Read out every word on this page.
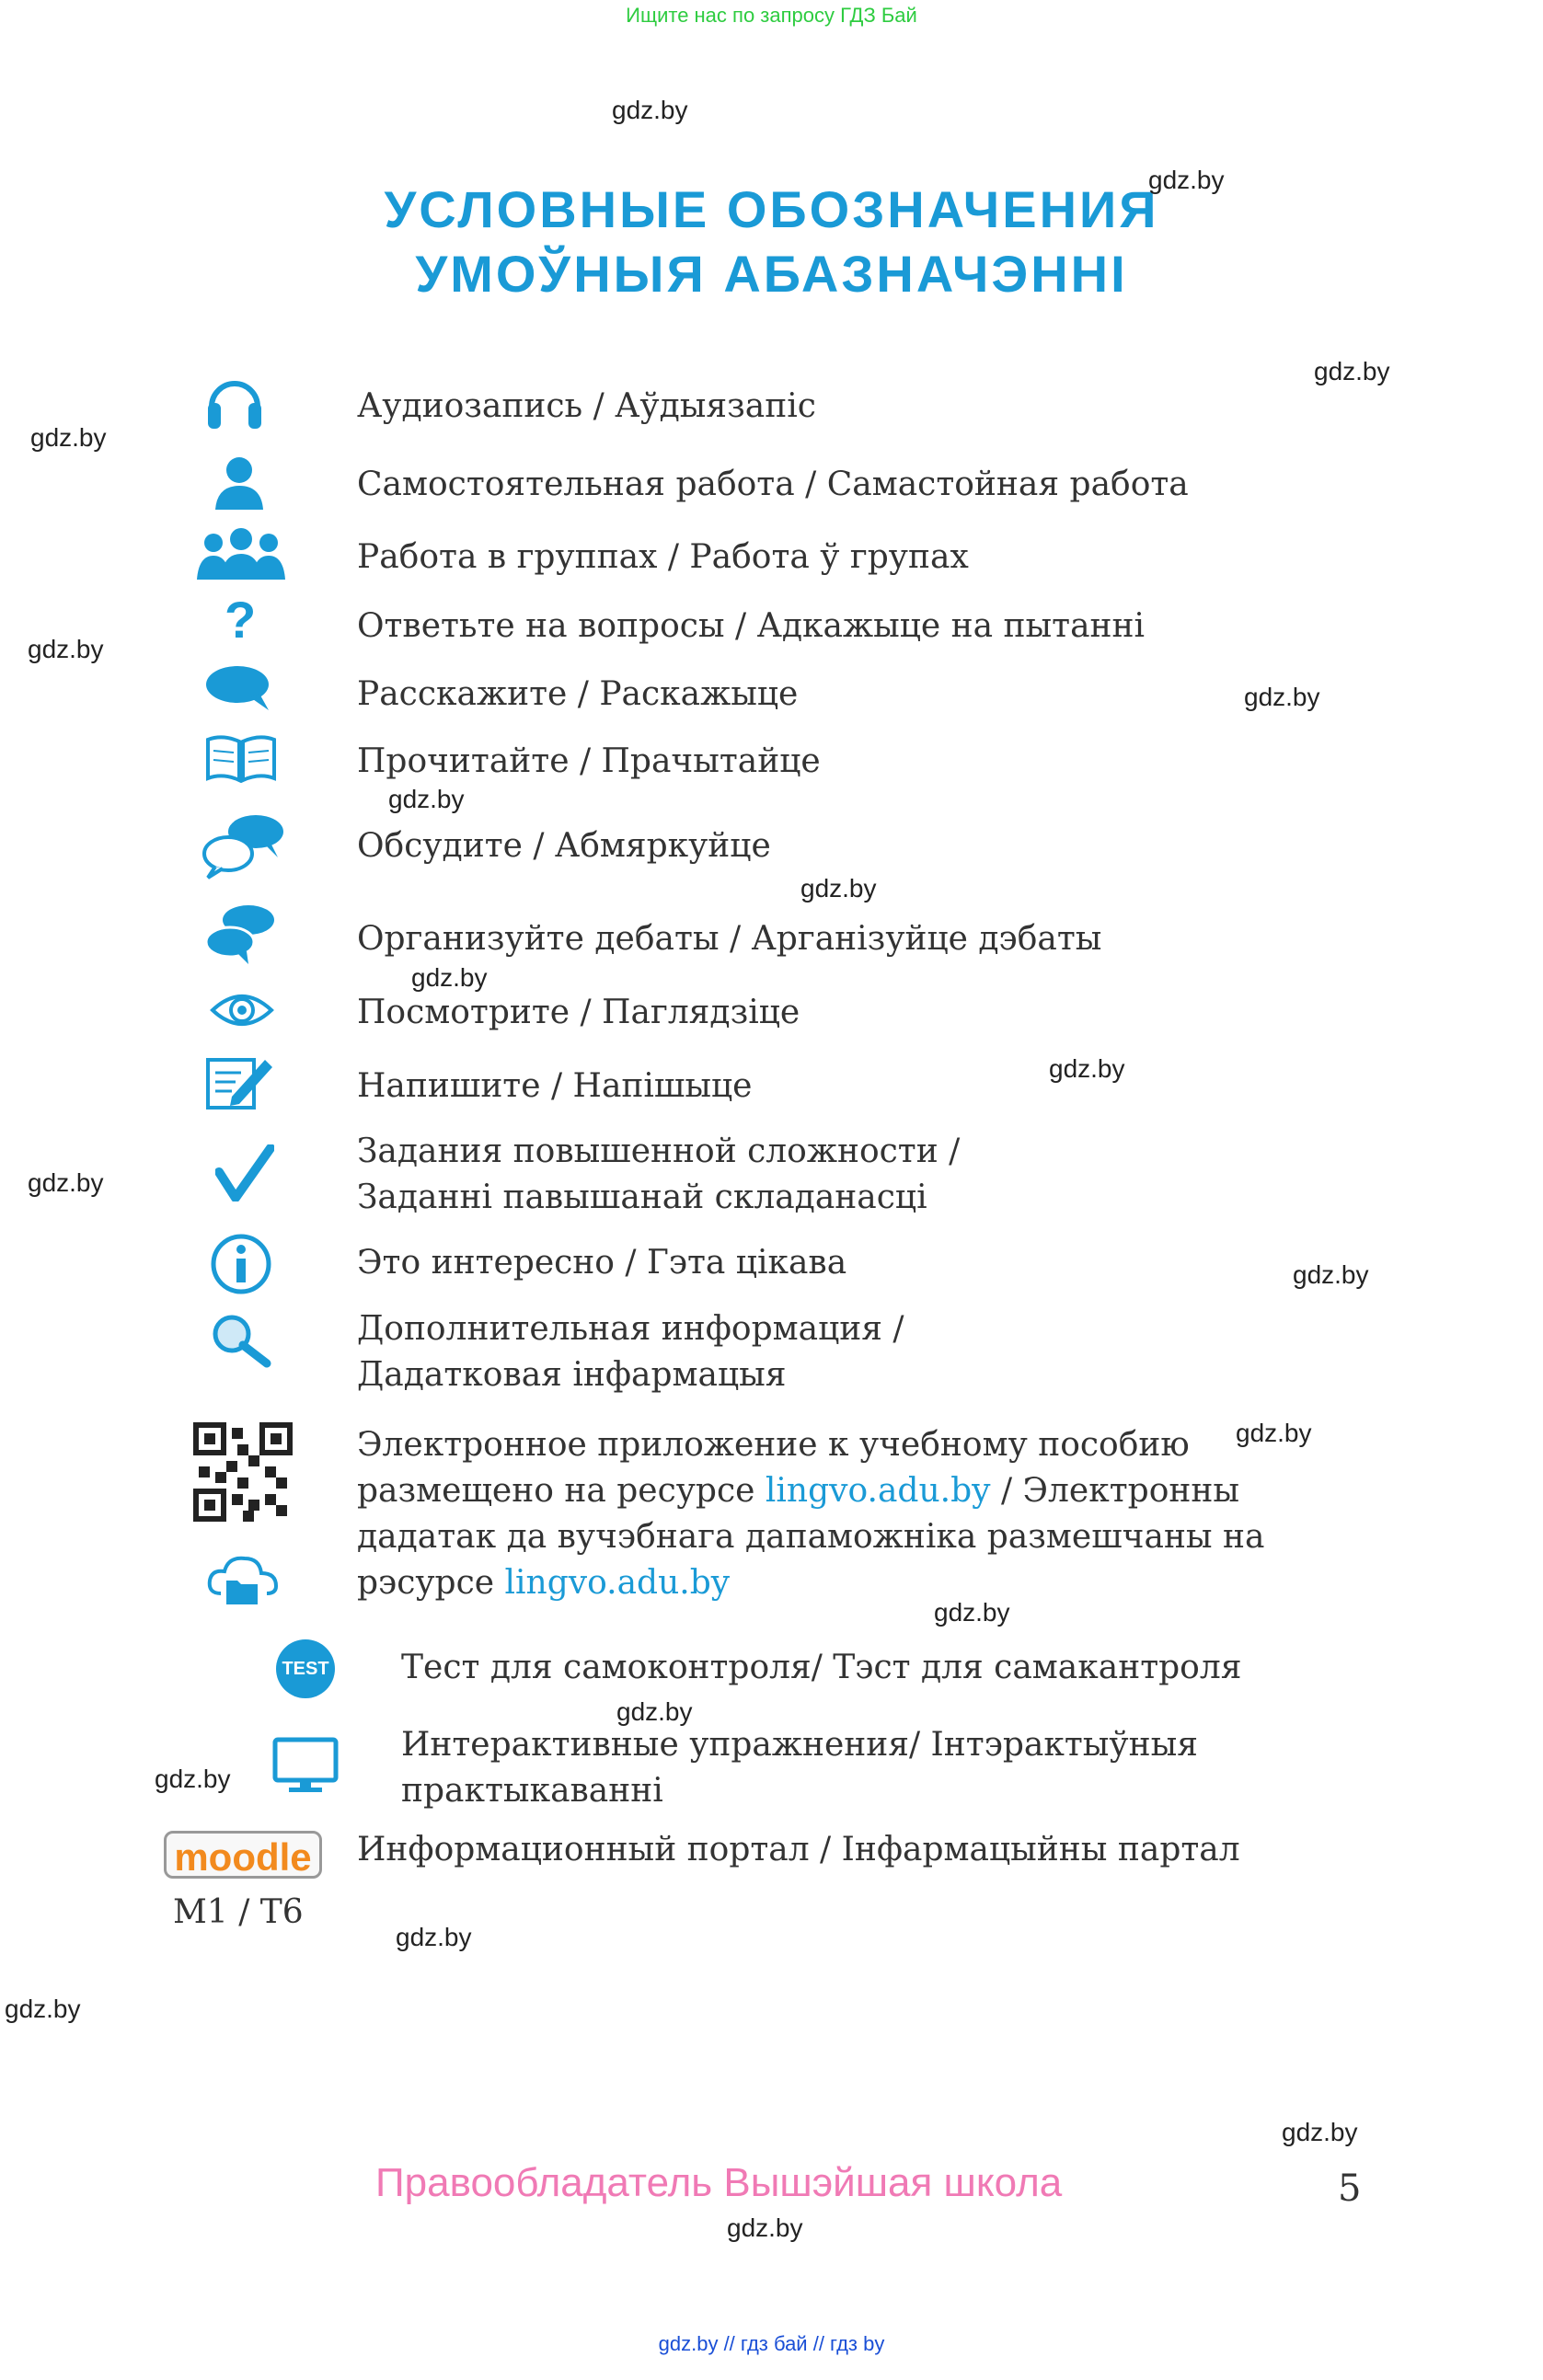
Ищите нас по запросу ГДЗ Бай
gdz.by
УСЛОВНЫЕ ОБОЗНАЧЕНИЯ
gdz.by
УМОЎНЫЯ АБАЗНАЧЭННІ
Аудиозапись / Аўдыязапіс
gdz.by
gdz.by
Самостоятельная работа / Самастойная работа
Работа в группах / Работа ў групах
?	Ответьте на вопросы / Адкажыце на пытанні
gdz.by
Расскажите / Раскажыце	gdz.by
Прочитайте / Прачытайце
gdz.by
Обсудите / Абмяркуйце
gdz.by
Организуйте дебаты / Арганізуйце дэбаты
gdz.by
Посмотрите / Паглядзіце
Напишите / Напішыце	gdz.by
Задания повышенной сложности /
Заданні павышанай складанасці
gdz.by
Это интересно / Гэта цікава	gdz.by
Дополнительная информация /
Дадатковая інфармацыя
Электронное приложение к учебному пособию
размещено на ресурсе lingvo.adu.by / Электронны
дадатак да вучэбнага дапаможніка размешчаны на
рэсурсе lingvo.adu.by
gdz.by
gdz.by
TEST Тест для самоконтроля/ Тэст для самакантроля
gdz.by
Интерактивные упражнения/ Інтэрактыўныя
практыкаванні
gdz.by
moodle	Информационный портал / Інфармацыйны партал
М1 / Т6
gdz.by
gdz.by
gdz.by
Правообладатель Вышэйшая школа	5
gdz.by
gdz.by // гдз бай // гдз by
